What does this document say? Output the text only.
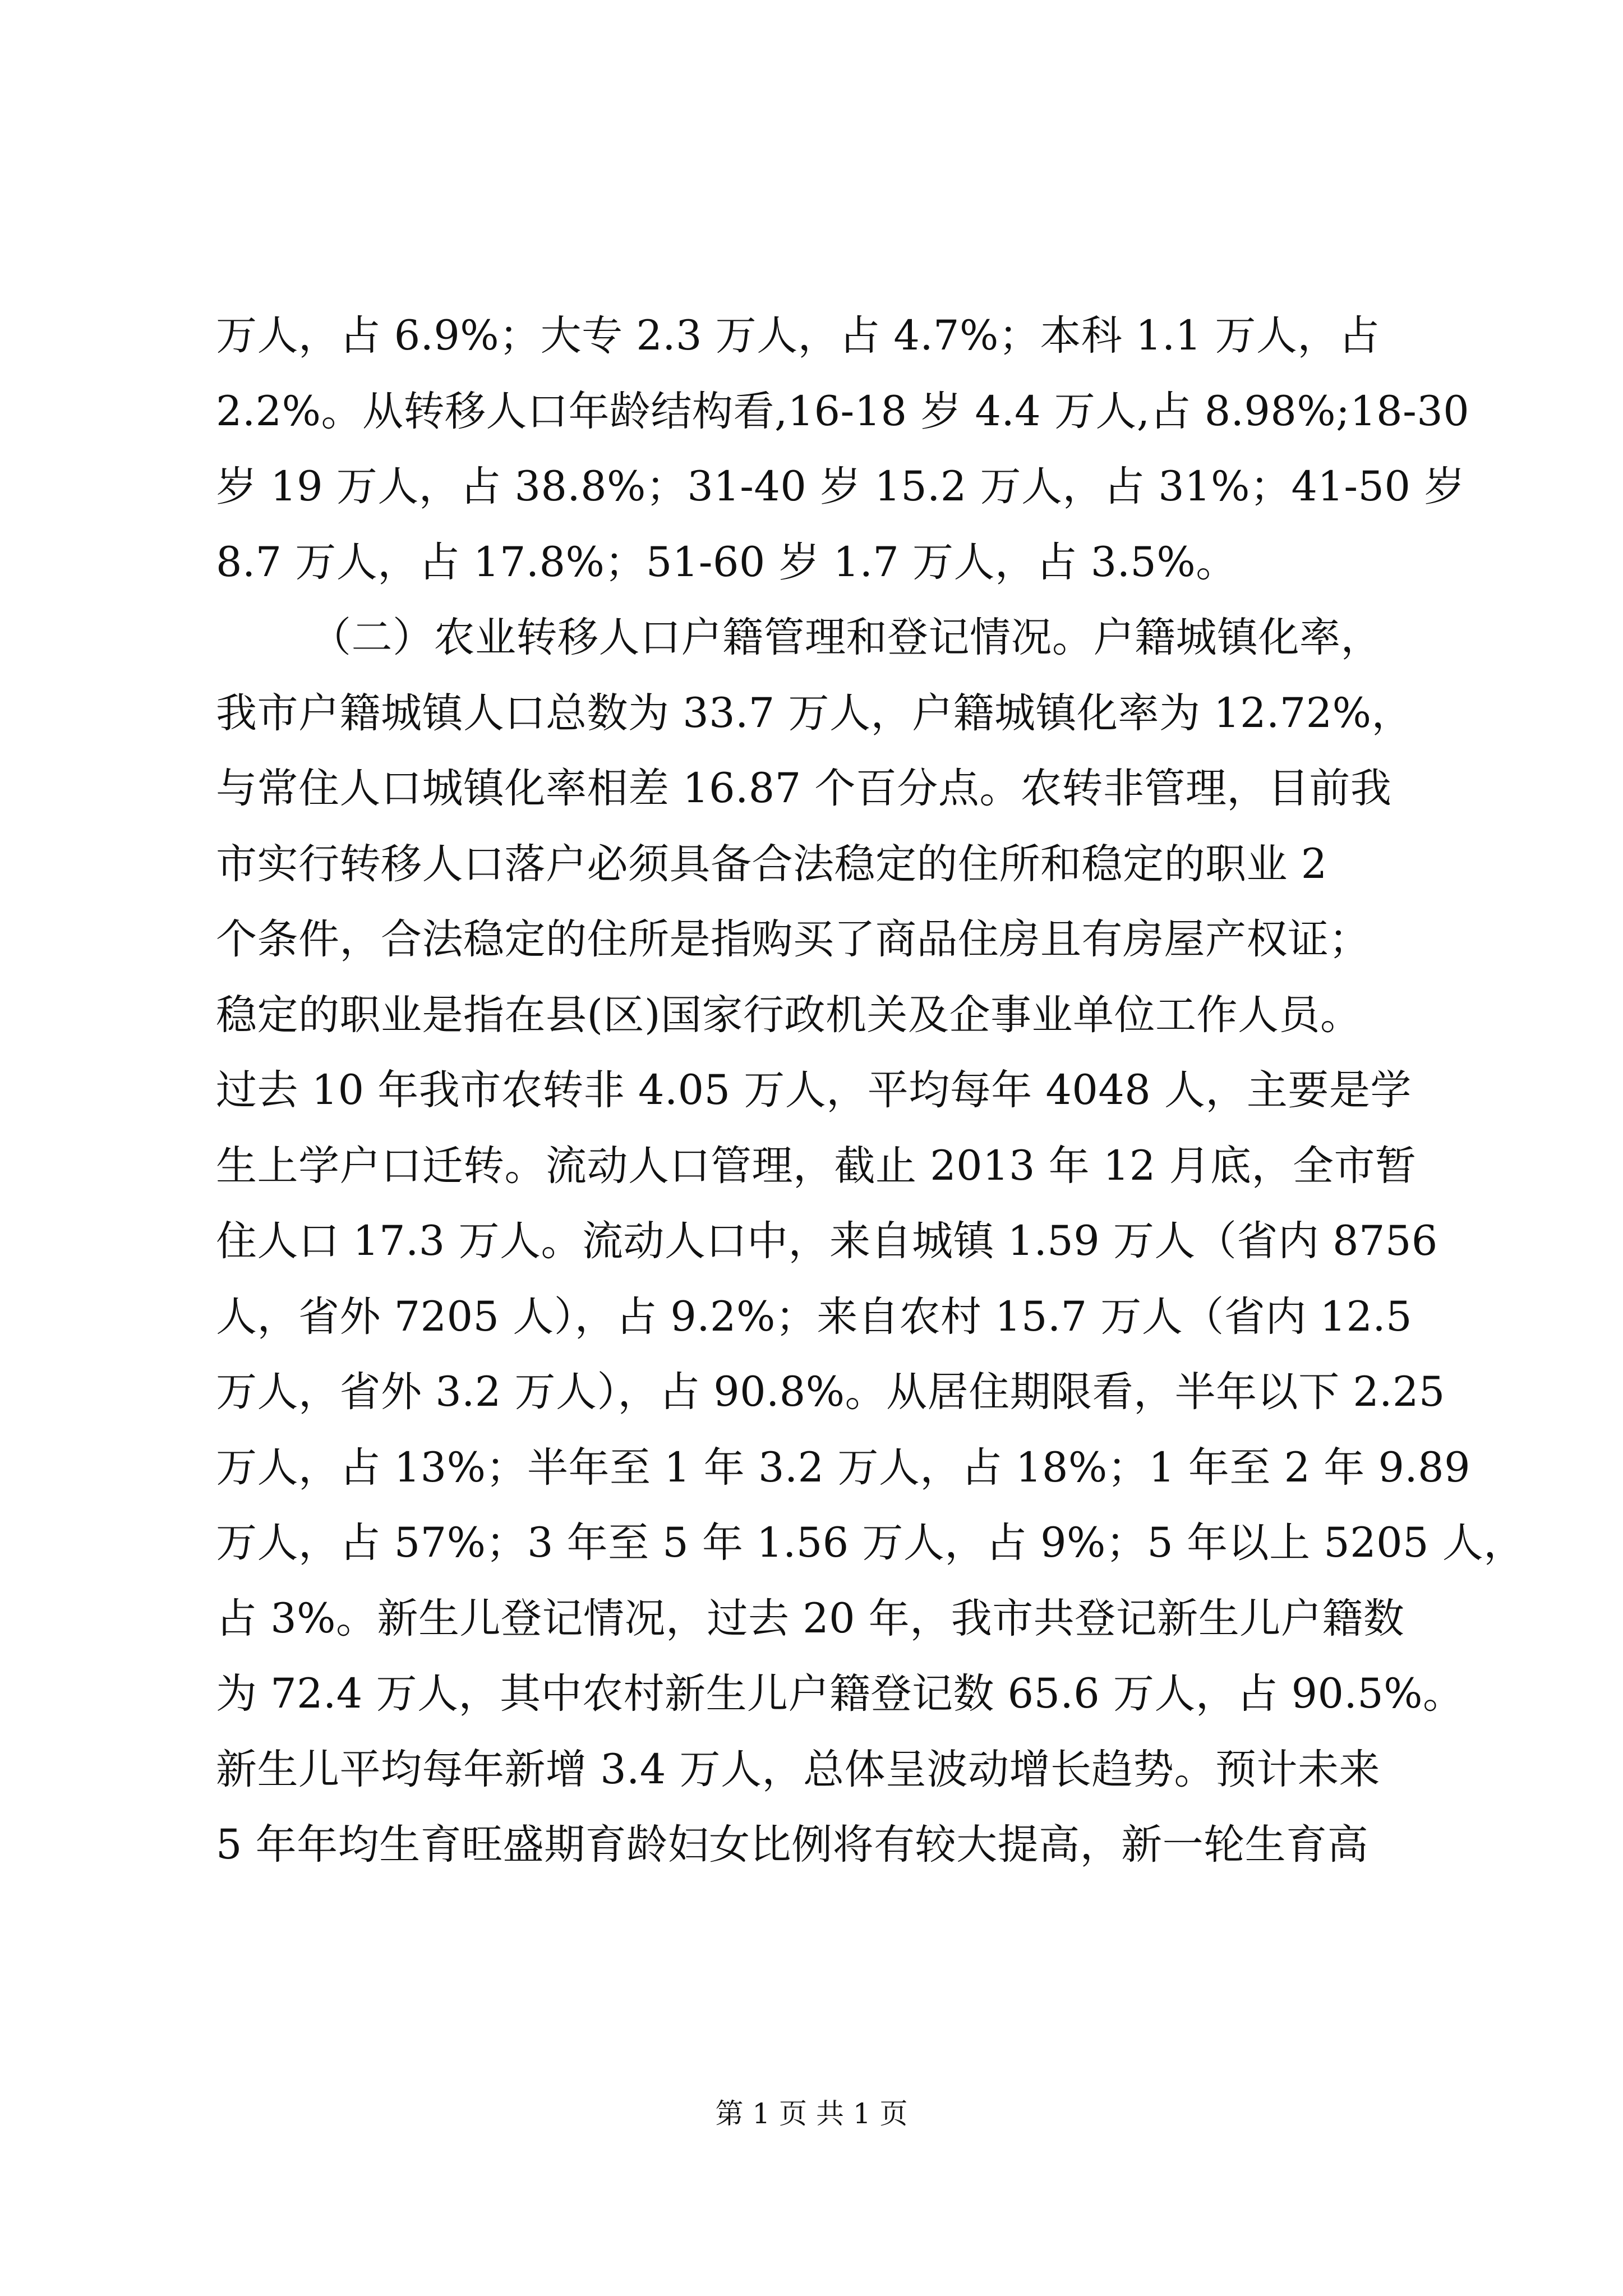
万人，占 6.9%；大专 2.3 万人，占 4.7%；本科 1.1 万人，占
2.2%。从转移人口年龄结构看,16-18 岁 4.4 万人,占 8.98%;18-30
岁 19 万人，占 38.8%；31-40 岁 15.2 万人，占 31%；41-50 岁
8.7 万人，占 17.8%；51-60 岁 1.7 万人，占 3.5%。
（二）农业转移人口户籍管理和登记情况。户籍城镇化率，
我市户籍城镇人口总数为 33.7 万人，户籍城镇化率为 12.72%，
与常住人口城镇化率相差 16.87 个百分点。农转非管理，目前我
市实行转移人口落户必须具备合法稳定的住所和稳定的职业 2
个条件，合法稳定的住所是指购买了商品住房且有房屋产权证；
稳定的职业是指在县(区)国家行政机关及企事业单位工作人员。
过去 10 年我市农转非 4.05 万人，平均每年 4048 人，主要是学
生上学户口迁转。流动人口管理，截止 2013 年 12 月底，全市暂
住人口 17.3 万人。流动人口中，来自城镇 1.59 万人（省内 8756
人，省外 7205 人），占 9.2%；来自农村 15.7 万人（省内 12.5
万人，省外 3.2 万人），占 90.8%。从居住期限看，半年以下 2.25
万人，占 13%；半年至 1 年 3.2 万人，占 18%；1 年至 2 年 9.89
万人，占 57%；3 年至 5 年 1.56 万人，占 9%；5 年以上 5205 人，
占 3%。新生儿登记情况，过去 20 年，我市共登记新生儿户籍数
为 72.4 万人，其中农村新生儿户籍登记数 65.6 万人，占 90.5%。
新生儿平均每年新增 3.4 万人，总体呈波动增长趋势。预计未来
5 年年均生育旺盛期育龄妇女比例将有较大提高，新一轮生育高
第 1 页 共 1 页
